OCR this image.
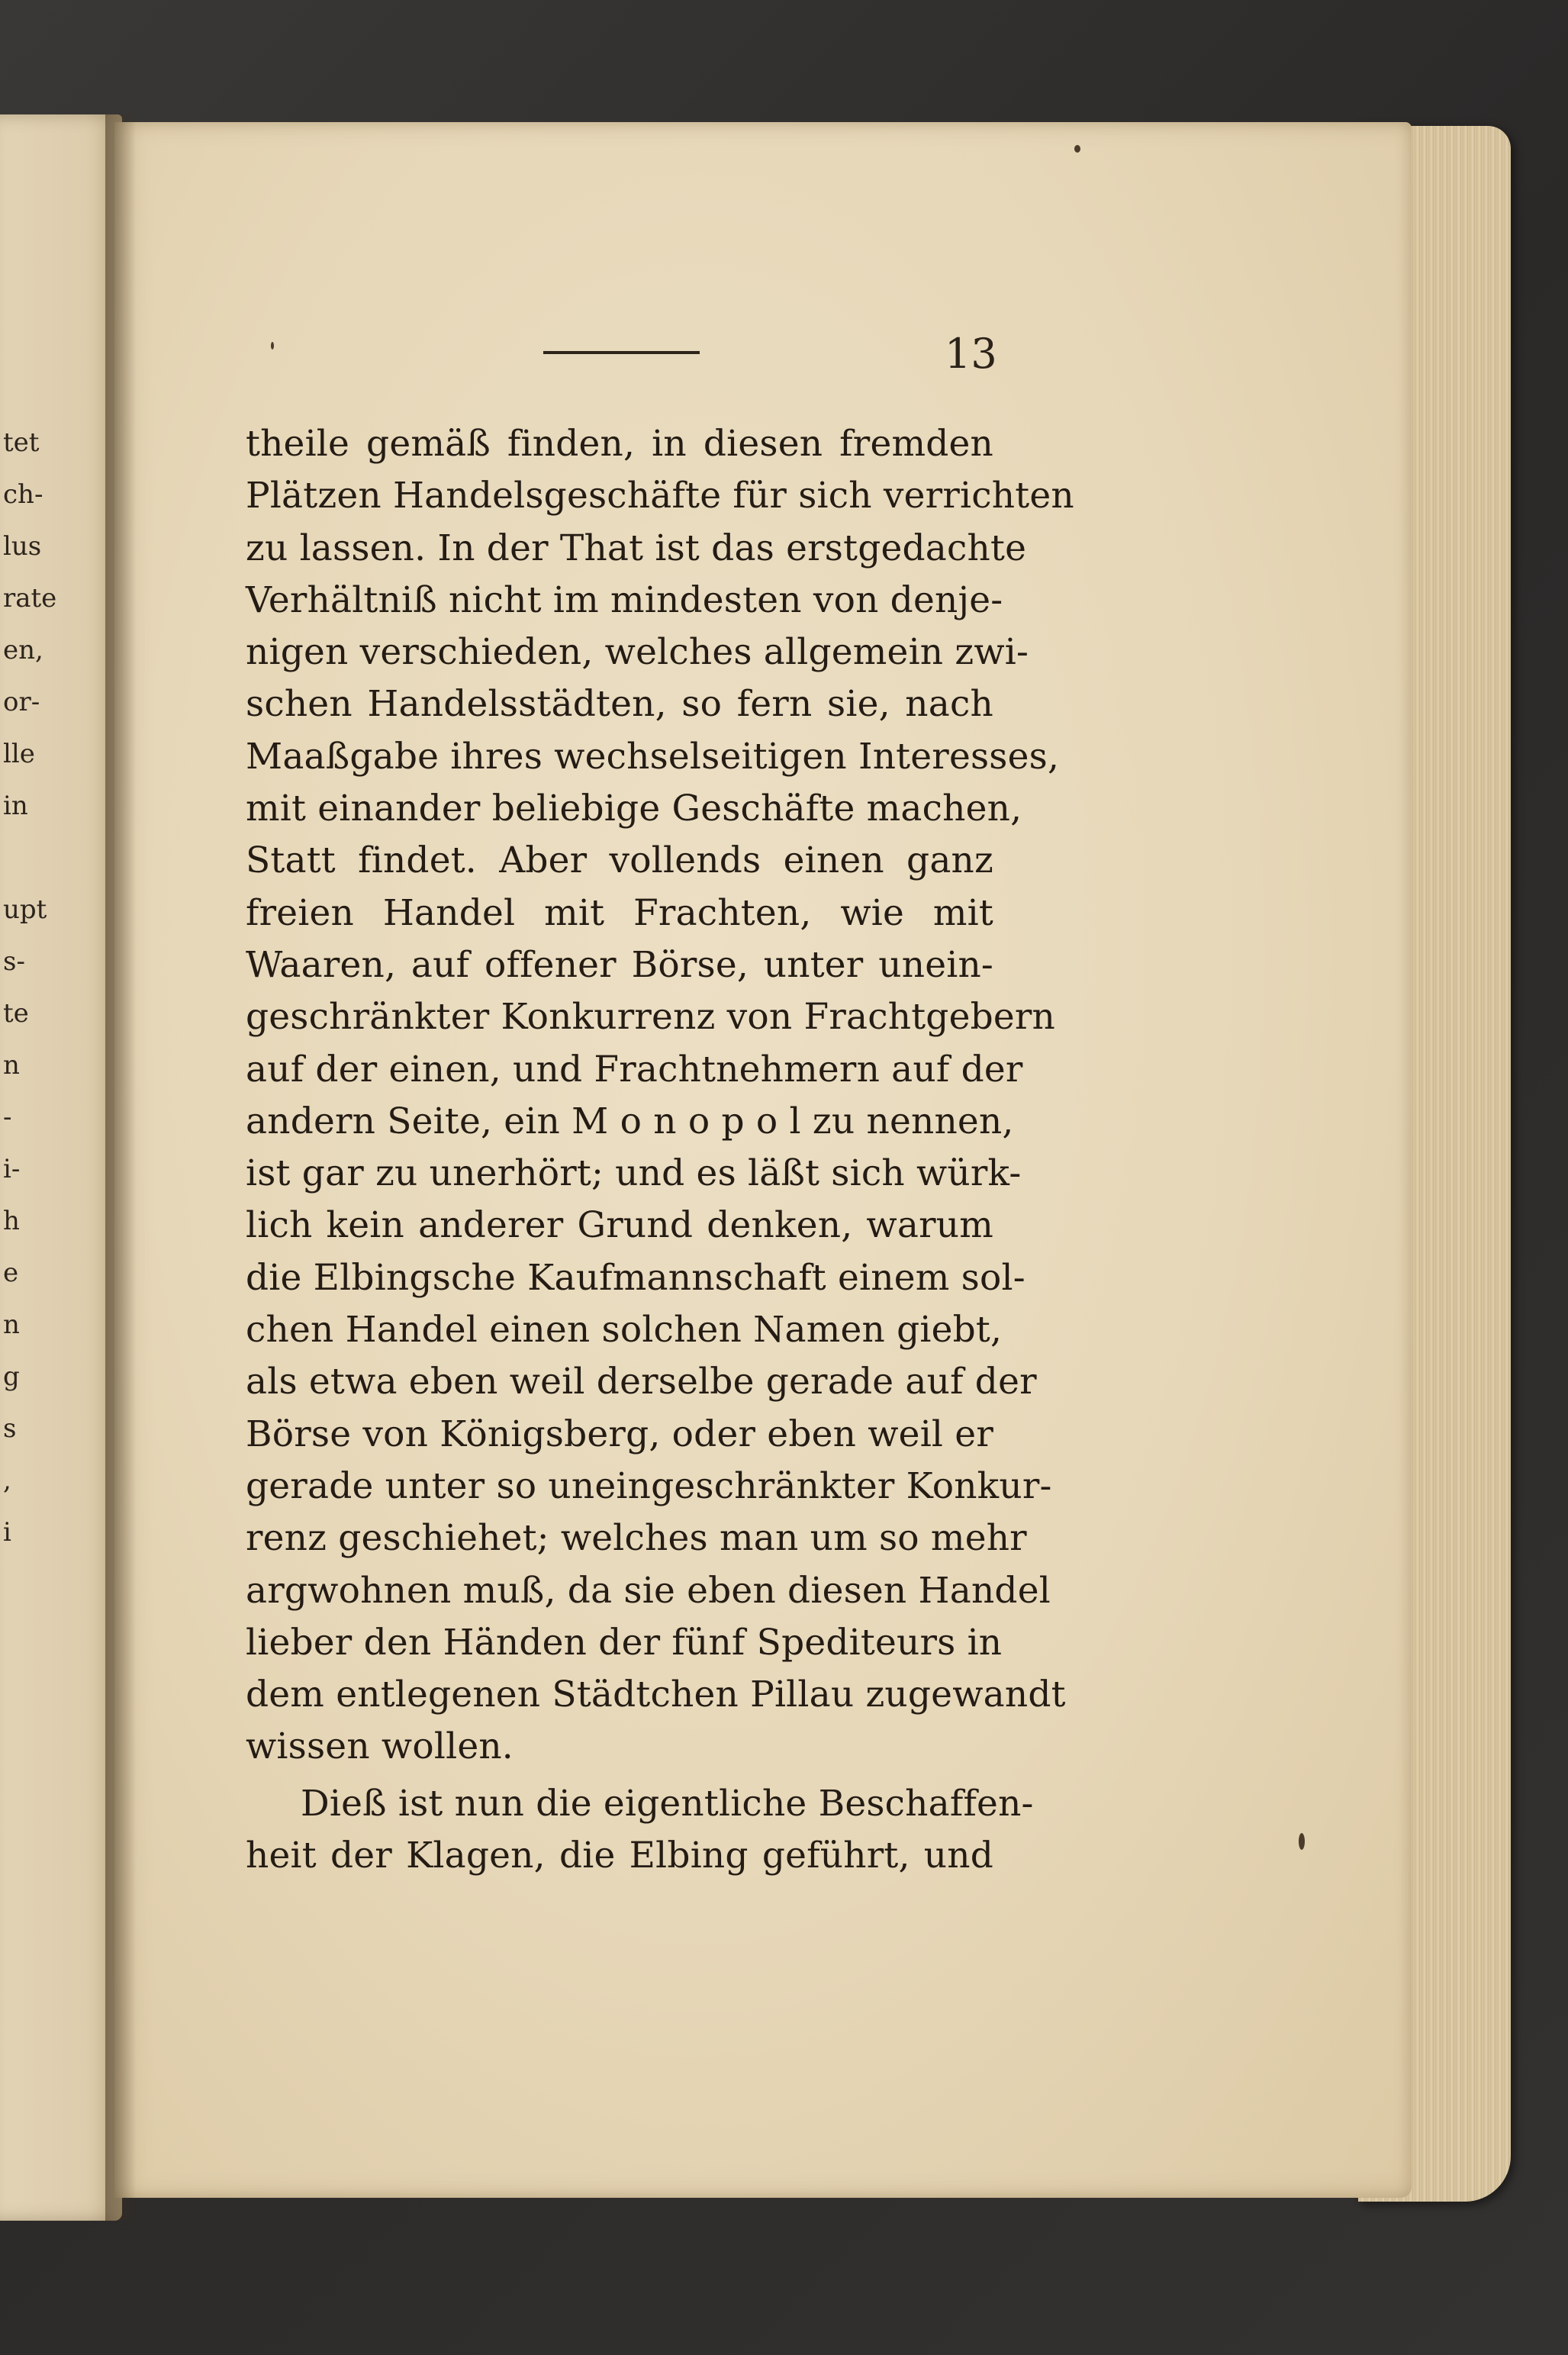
tet
ch-
lus
rate
en,
or-
lle
in
upt
s-
te
n
-
i-
h
e
n
g
s
,
i
13
theile gemäß finden, in diesen fremden
Plätzen Handelsgeschäfte für sich verrichten
zu lassen. In der That ist das erstgedachte
Verhältniß nicht im mindesten von denje-
nigen verschieden, welches allgemein zwi-
schen Handelsstädten, so fern sie, nach
Maaßgabe ihres wechselseitigen Interesses,
mit einander beliebige Geschäfte machen,
Statt findet. Aber vollends einen ganz
freien Handel mit Frachten, wie mit
Waaren, auf offener Börse, unter unein-
geschränkter Konkurrenz von Frachtgebern
auf der einen, und Frachtnehmern auf der
andern Seite, ein M o n o p o l zu nennen,
ist gar zu unerhört; und es läßt sich würk-
lich kein anderer Grund denken, warum
die Elbingsche Kaufmannschaft einem sol-
chen Handel einen solchen Namen giebt,
als etwa eben weil derselbe gerade auf der
Börse von Königsberg, oder eben weil er
gerade unter so uneingeschränkter Konkur-
renz geschiehet; welches man um so mehr
argwohnen muß, da sie eben diesen Handel
lieber den Händen der fünf Spediteurs in
dem entlegenen Städtchen Pillau zugewandt
wissen wollen.
Dieß ist nun die eigentliche Beschaffen-
heit der Klagen, die Elbing geführt, und
